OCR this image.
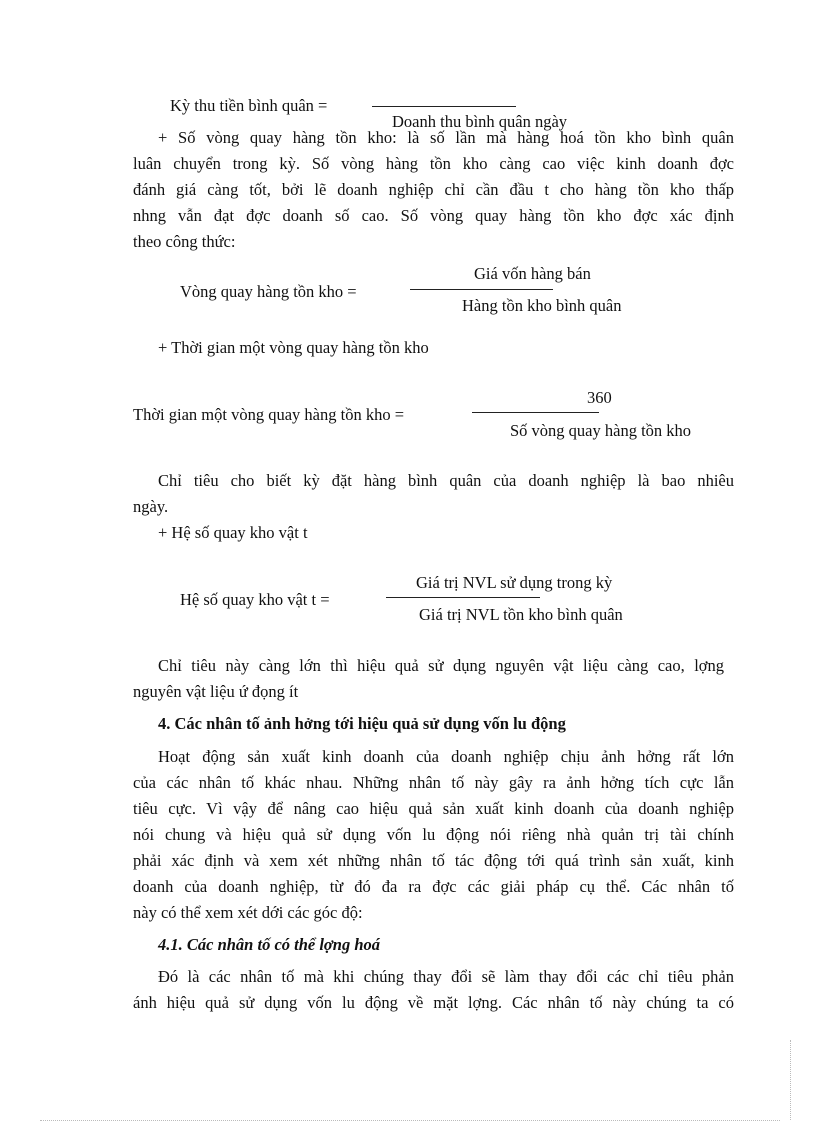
Kỳ thu tiền bình quân =
Doanh thu bình quân ngày
+ Số vòng quay hàng tồn kho: là số lần mà hàng hoá tồn kho bình quân
luân chuyển trong kỳ. Số vòng hàng tồn kho càng cao việc kinh doanh đợc
đánh giá càng tốt, bởi lẽ doanh nghiệp chỉ cần đầu t cho hàng tồn kho thấp
nhng vẫn đạt đợc doanh số cao. Số vòng quay hàng tồn kho đợc xác định
theo công thức:
Giá vốn hàng bán
Vòng quay hàng tồn kho =
Hàng tồn kho bình quân
+ Thời gian một vòng quay hàng tồn kho
360
Thời gian một vòng quay hàng tồn kho =
Số vòng quay hàng tồn kho
Chỉ tiêu cho biết kỳ đặt hàng bình quân của doanh nghiệp là bao nhiêu
ngày.
+ Hệ số quay kho vật t
Giá trị NVL sử dụng trong kỳ
Hệ số quay kho vật t =
Giá trị NVL tồn kho bình quân
Chỉ tiêu này càng lớn thì hiệu quả sử dụng nguyên vật liệu càng cao, lợng
nguyên vật liệu ứ đọng ít
4. Các nhân tố ảnh hởng tới hiệu quả sử dụng vốn lu động
Hoạt động sản xuất kinh doanh của doanh nghiệp chịu ảnh hởng rất lớn
của các nhân tố khác nhau. Những nhân tố này gây ra ảnh hởng tích cực lẫn
tiêu cực. Vì vậy để nâng cao hiệu quả sản xuất kinh doanh của doanh nghiệp
nói chung và hiệu quả sử dụng vốn lu động nói riêng nhà quản trị tài chính
phải xác định và xem xét những nhân tố tác động tới quá trình sản xuất, kinh
doanh của doanh nghiệp, từ đó đa ra đợc các giải pháp cụ thể. Các nhân tố
này có thể xem xét dới các góc độ:
4.1. Các nhân tố có thể lợng hoá
Đó là các nhân tố mà khi chúng thay đổi sẽ làm thay đổi các chỉ tiêu phản
ánh hiệu quả sử dụng vốn lu động về mặt lợng. Các nhân tố này chúng ta có
